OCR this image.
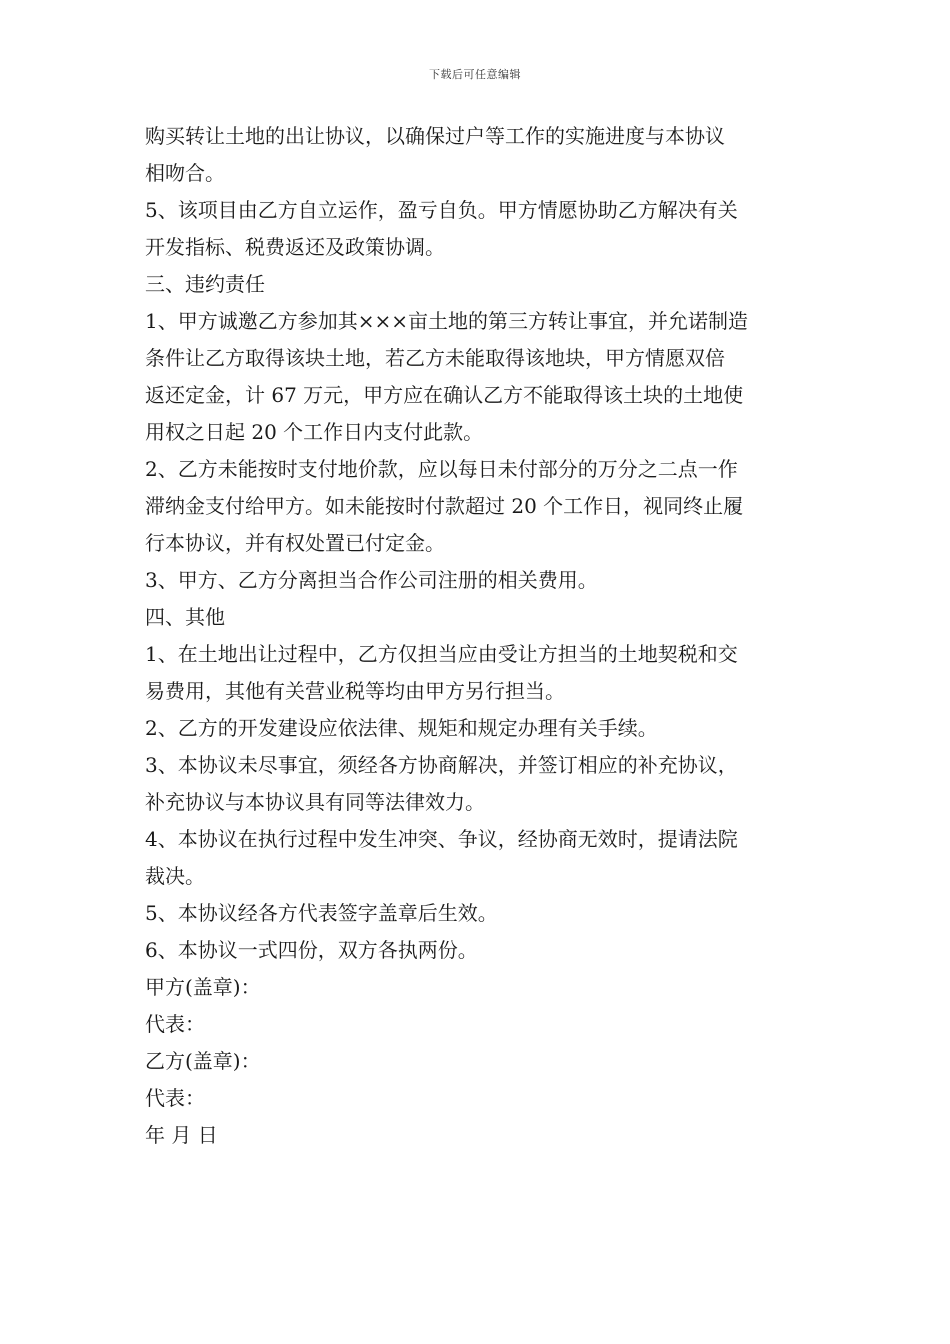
下载后可任意编辑
购买转让土地的出让协议，以确保过户等工作的实施进度与本协议
相吻合。
5、该项目由乙方自立运作，盈亏自负。甲方情愿协助乙方解决有关
开发指标、税费返还及政策协调。
三、违约责任
1、甲方诚邀乙方参加其×××亩土地的第三方转让事宜，并允诺制造
条件让乙方取得该块土地，若乙方未能取得该地块，甲方情愿双倍
返还定金，计 67 万元，甲方应在确认乙方不能取得该土块的土地使
用权之日起 20 个工作日内支付此款。
2、乙方未能按时支付地价款，应以每日未付部分的万分之二点一作
滞纳金支付给甲方。如未能按时付款超过 20 个工作日，视同终止履
行本协议，并有权处置已付定金。
3、甲方、乙方分离担当合作公司注册的相关费用。
四、其他
1、在土地出让过程中，乙方仅担当应由受让方担当的土地契税和交
易费用，其他有关营业税等均由甲方另行担当。
2、乙方的开发建设应依法律、规矩和规定办理有关手续。
3、本协议未尽事宜，须经各方协商解决，并签订相应的补充协议，
补充协议与本协议具有同等法律效力。
4、本协议在执行过程中发生冲突、争议，经协商无效时，提请法院
裁决。
5、本协议经各方代表签字盖章后生效。
6、本协议一式四份，双方各执两份。
甲方(盖章)：
代表：
乙方(盖章)：
代表：
年 月 日
